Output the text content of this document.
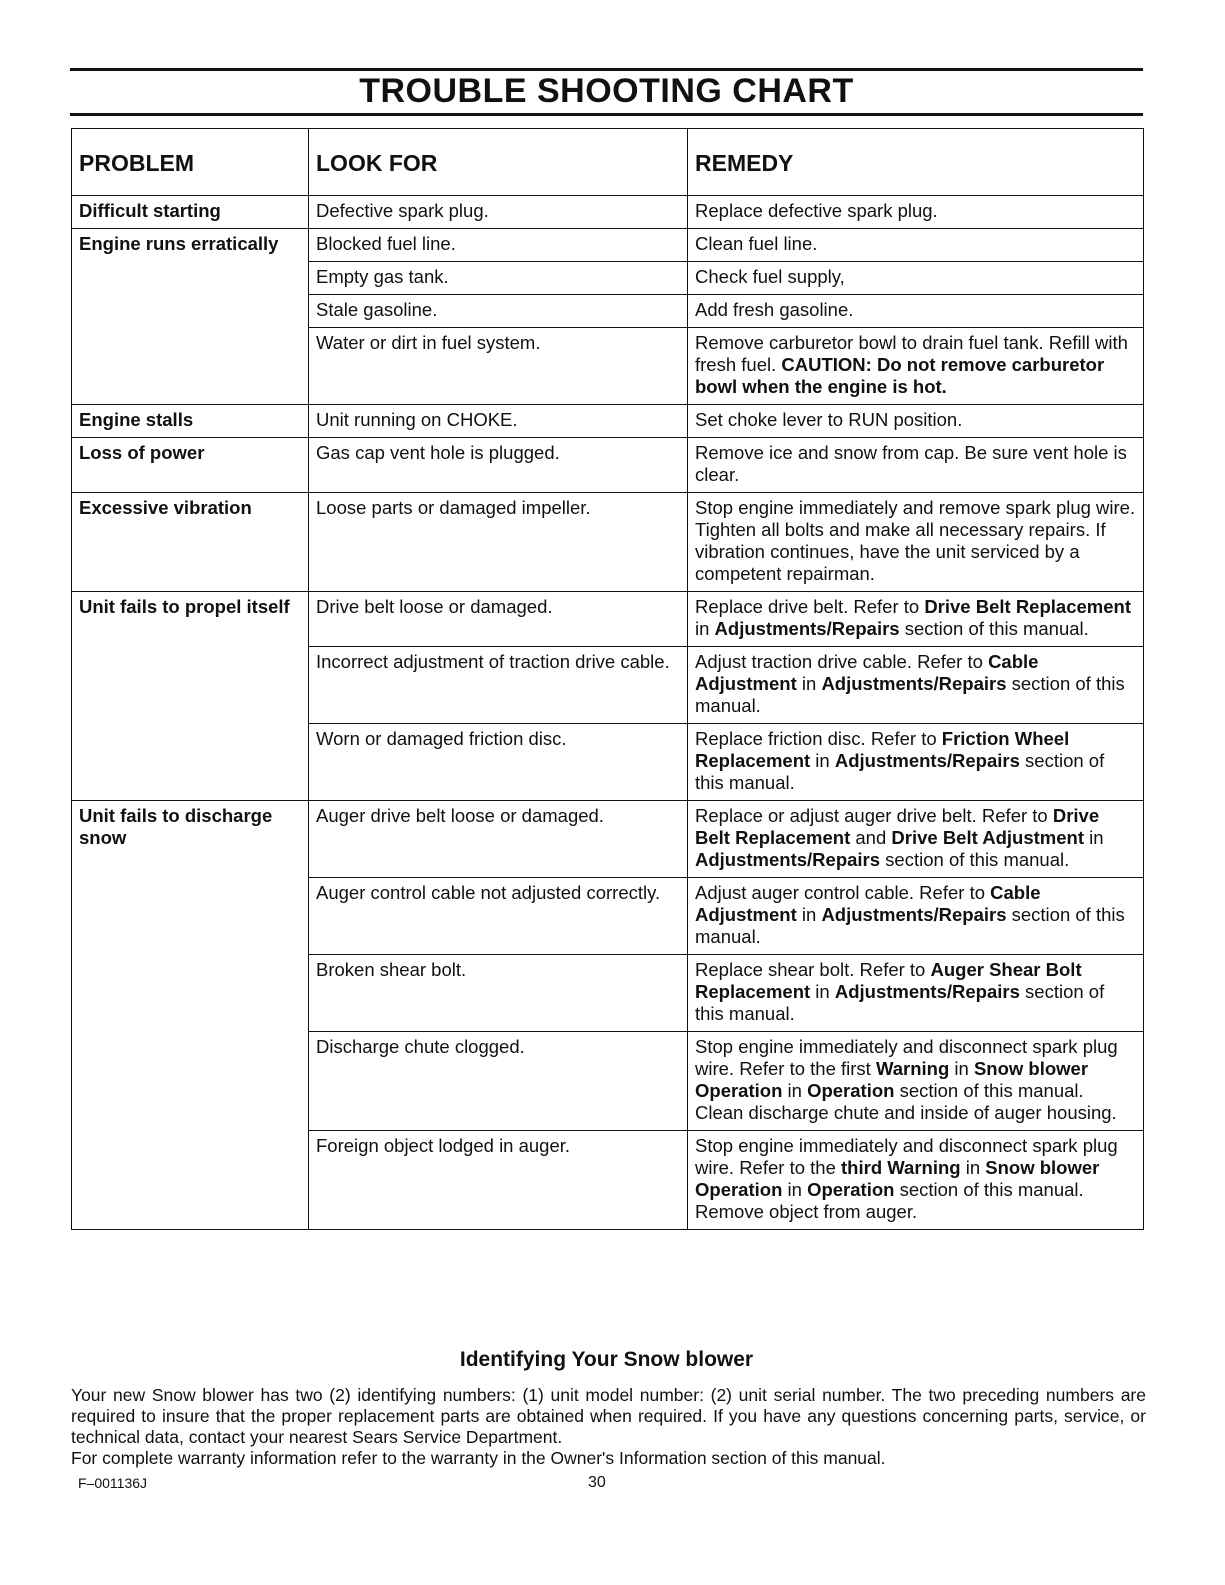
TROUBLE SHOOTING CHART
PROBLEM	LOOK FOR	REMEDY
Difficult starting	Defective spark plug.	Replace defective spark plug.
Engine runs erratically	Blocked fuel line.	Clean fuel line.
	Empty gas tank.	Check fuel supply,
	Stale gasoline.	Add fresh gasoline.
	Water or dirt in fuel system.	Remove carburetor bowl to drain fuel tank. Refill with fresh fuel. CAUTION: Do not remove carburetor bowl when the engine is hot.
Engine stalls	Unit running on CHOKE.	Set choke lever to RUN position.
Loss of power	Gas cap vent hole is plugged.	Remove ice and snow from cap. Be sure vent hole is clear.
Excessive vibration	Loose parts or damaged impeller.	Stop engine immediately and remove spark plug wire. Tighten all bolts and make all necessary repairs. If vibration continues, have the unit serviced by a competent repairman.
Unit fails to propel itself	Drive belt loose or damaged.	Replace drive belt. Refer to Drive Belt Replacement in Adjustments/Repairs section of this manual.
	Incorrect adjustment of traction drive cable.	Adjust traction drive cable. Refer to Cable Adjustment in Adjustments/Repairs section of this manual.
	Worn or damaged friction disc.	Replace friction disc. Refer to Friction Wheel Replacement in Adjustments/Repairs section of this manual.
Unit fails to discharge snow	Auger drive belt loose or damaged.	Replace or adjust auger drive belt. Refer to Drive Belt Replacement and Drive Belt Adjustment in Adjustments/Repairs section of this manual.
	Auger control cable not adjusted correctly.	Adjust auger control cable. Refer to Cable Adjustment in Adjustments/Repairs section of this manual.
	Broken shear bolt.	Replace shear bolt. Refer to Auger Shear Bolt Replacement in Adjustments/Repairs section of this manual.
	Discharge chute clogged.	Stop engine immediately and disconnect spark plug wire. Refer to the first Warning in Snow blower Operation in Operation section of this manual. Clean discharge chute and inside of auger housing.
	Foreign object lodged in auger.	Stop engine immediately and disconnect spark plug wire. Refer to the third Warning in Snow blower Operation in Operation section of this manual. Remove object from auger.
Identifying Your Snow blower

Your new Snow blower has two (2) identifying numbers: (1) unit model number: (2) unit serial number. The two preceding numbers are required to insure that the proper replacement parts are obtained when required. If you have any questions concerning parts, service, or technical data, contact your nearest Sears Service Department.

For complete warranty information refer to the warranty in the Owner's Information section of this manual.

F–001136J	30
